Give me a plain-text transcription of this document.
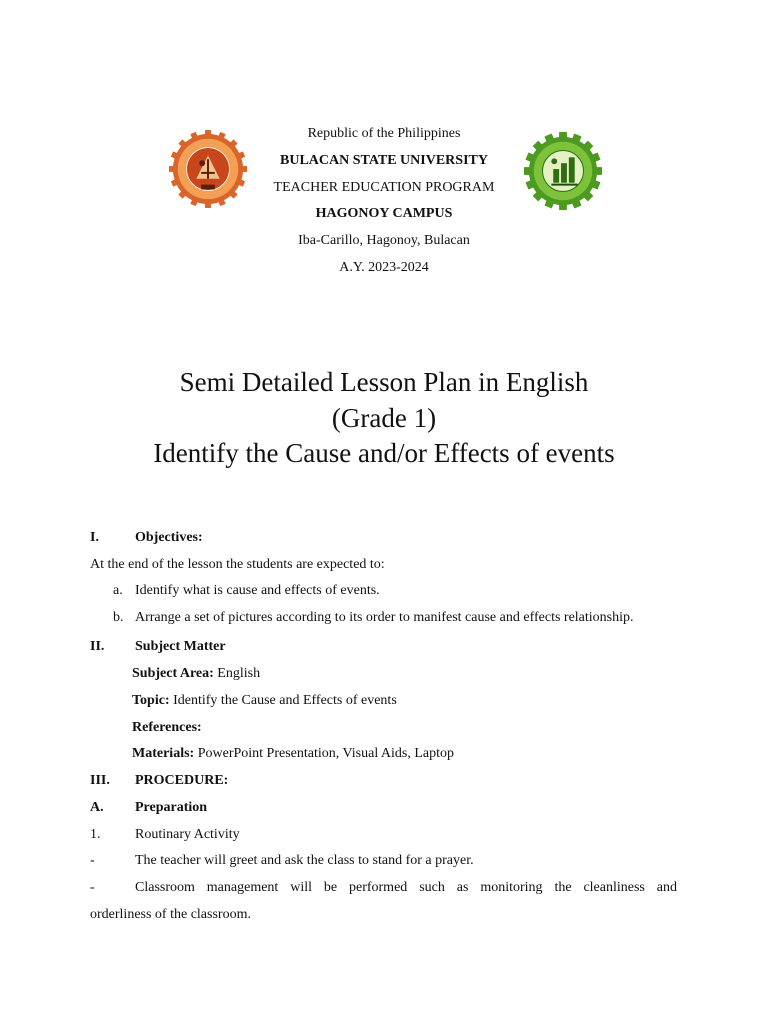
Republic of the Philippines
BULACAN STATE UNIVERSITY
TEACHER EDUCATION PROGRAM
HAGONOY CAMPUS
Iba-Carillo, Hagonoy, Bulacan
A.Y. 2023-2024
Semi Detailed Lesson Plan in English
(Grade 1)
Identify the Cause and/or Effects of events
I.	Objectives:
At the end of the lesson the students are expected to:
a. Identify what is cause and effects of events.
b. Arrange a set of pictures according to its order to manifest cause and effects relationship.
II. Subject Matter
Subject Area: English
Topic: Identify the Cause and Effects of events
References:
Materials: PowerPoint Presentation, Visual Aids, Laptop
III. PROCEDURE:
A. Preparation
1. Routinary Activity
-	The teacher will greet and ask the class to stand for a prayer.
-	Classroom management will be performed such as monitoring the cleanliness and
orderliness of the classroom.
